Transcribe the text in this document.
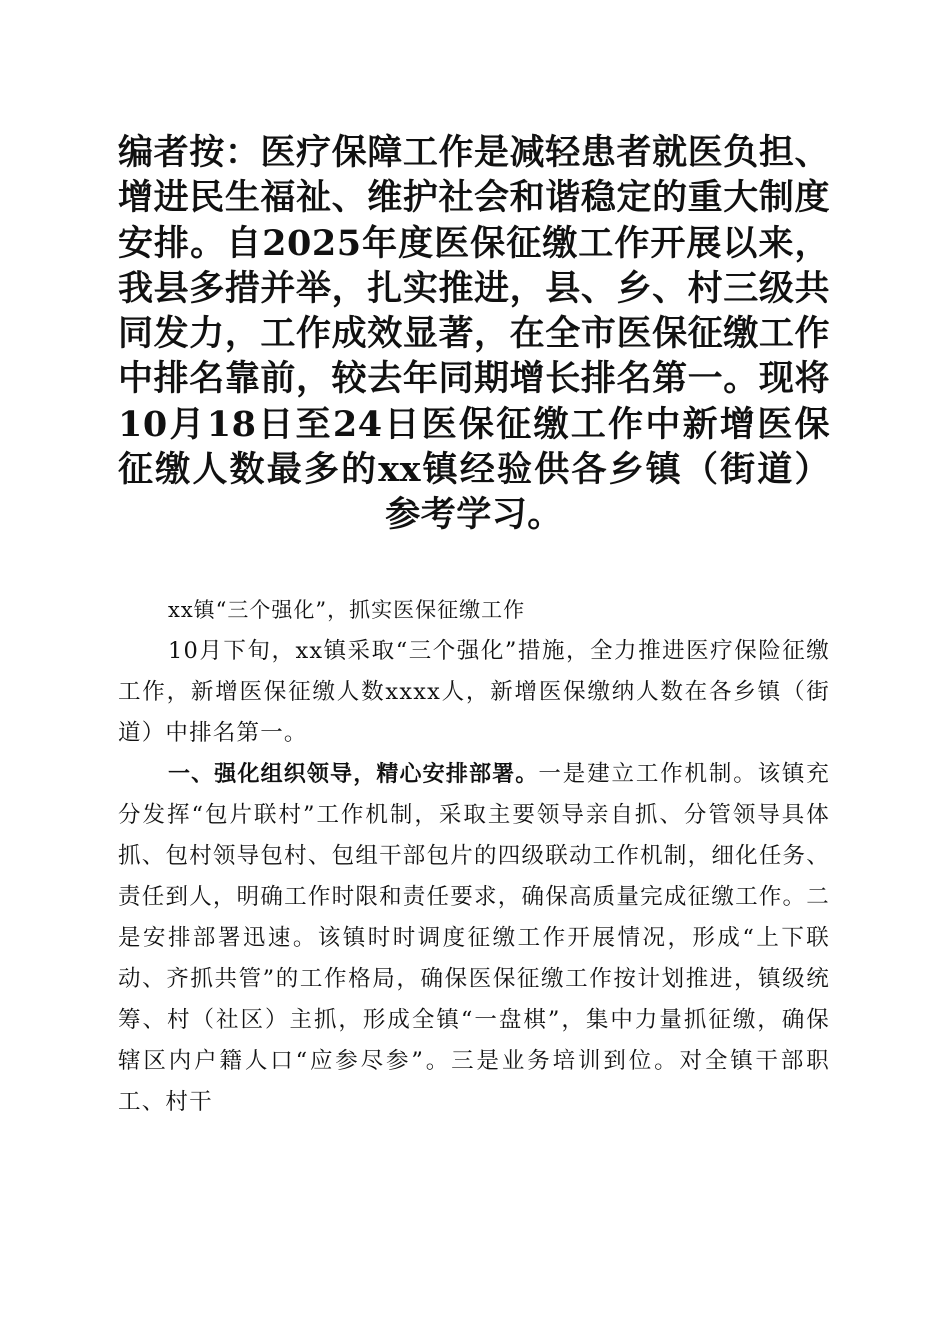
编者按：医疗保障工作是减轻患者就医负担、增进民生福祉、维护社会和谐稳定的重大制度安排。自2025年度医保征缴工作开展以来，我县多措并举，扎实推进，县、乡、村三级共同发力，工作成效显著，在全市医保征缴工作中排名靠前，较去年同期增长排名第一。现将10月18日至24日医保征缴工作中新增医保征缴人数最多的xx镇经验供各乡镇（街道）参考学习。

xx镇“三个强化”，抓实医保征缴工作

10月下旬，xx镇采取“三个强化”措施，全力推进医疗保险征缴工作，新增医保征缴人数xxxx人，新增医保缴纳人数在各乡镇（街道）中排名第一。

一、强化组织领导，精心安排部署。一是建立工作机制。该镇充分发挥“包片联村”工作机制，采取主要领导亲自抓、分管领导具体抓、包村领导包村、包组干部包片的四级联动工作机制，细化任务、责任到人，明确工作时限和责任要求，确保高质量完成征缴工作。二是安排部署迅速。该镇时时调度征缴工作开展情况，形成“上下联动、齐抓共管”的工作格局，确保医保征缴工作按计划推进，镇级统筹、村（社区）主抓，形成全镇“一盘棋”，集中力量抓征缴，确保辖区内户籍人口“应参尽参”。三是业务培训到位。对全镇干部职工、村干
